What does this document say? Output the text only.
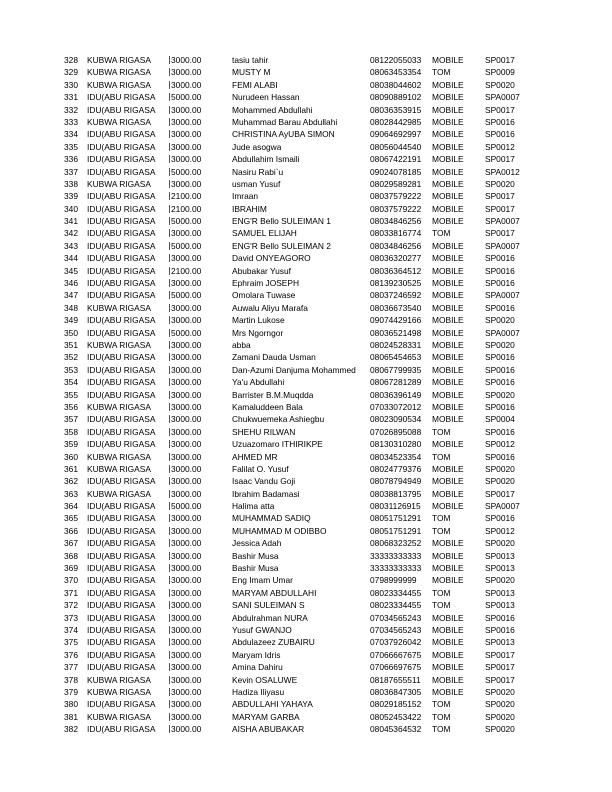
328 KUBWA RIGASA	3000.00	tasiu tahir	08122055033	MOBILE	SP0017
329 KUBWA RIGASA	3000.00	MUSTY M	08063453354	TOM	SP0009
330 KUBWA RIGASA	3000.00	FEMI ALABI	08038044602	MOBILE	SP0020
331 IDU(ABU RIGASA	5000.00	Nurudeen Hassan	08090889102	MOBILE	SPA0007
332 IDU(ABU RIGASA	3000.00	Mohammed Abdullahi	08036353915	MOBILE	SP0017
333 KUBWA RIGASA	3000.00	Muhammad Barau Abdullahi	08028442985	MOBILE	SP0016
334 IDU(ABU RIGASA	3000.00	CHRISTINA AyUBA SIMON	09064692997	MOBILE	SP0016
335 IDU(ABU RIGASA	3000.00	Jude asogwa	08056044540	MOBILE	SP0012
336 IDU(ABU RIGASA	3000.00	Abdullahim Ismaili	08067422191	MOBILE	SP0017
337 IDU(ABU RIGASA	5000.00	Nasiru Rabi`u	09024078185	MOBILE	SPA0012
338 KUBWA RIGASA	3000.00	usman Yusuf	08029589281	MOBILE	SP0020
339 IDU(ABU RIGASA	2100.00	Imraan	08037579222	MOBILE	SP0017
340 IDU(ABU RIGASA	2100.00	IBRAHIM	08037579222	MOBILE	SP0017
341 IDU(ABU RIGASA	5000.00	ENG'R Bello SULEIMAN 1	08034846256	MOBILE	SPA0007
342 IDU(ABU RIGASA	3000.00	SAMUEL ELIJAH	08033816774	TOM	SP0017
343 IDU(ABU RIGASA	5000.00	ENG'R Bello SULEIMAN 2	08034846256	MOBILE	SPA0007
344 IDU(ABU RIGASA	3000.00	David ONYEAGORO	08036320277	MOBILE	SP0016
345 IDU(ABU RIGASA	2100.00	Abubakar Yusuf	08036364512	MOBILE	SP0016
346 IDU(ABU RIGASA	3000.00	Ephraim JOSEPH	08139230525	MOBILE	SP0016
347 IDU(ABU RIGASA	5000.00	Omolara Tuwase	08037246592	MOBILE	SPA0007
348 KUBWA RIGASA	3000.00	Auwalu Aliyu Marafa	08036673540	MOBILE	SP0016
349 IDU(ABU RIGASA	3000.00	Martin Lukose	09074429166	MOBILE	SP0020
350 IDU(ABU RIGASA	5000.00	Mrs Ngorngor	08036521498	MOBILE	SPA0007
351 KUBWA RIGASA	3000.00	abba	08024528331	MOBILE	SP0020
352 IDU(ABU RIGASA	3000.00	Zamani Dauda Usman	08065454653	MOBILE	SP0016
353 IDU(ABU RIGASA	3000.00	Dan-Azumi Danjuma Mohammed	08067799935	MOBILE	SP0016
354 IDU(ABU RIGASA	3000.00	Ya'u Abdullahi	08067281289	MOBILE	SP0016
355 IDU(ABU RIGASA	3000.00	Barrister B.M.Muqdda	08036396149	MOBILE	SP0020
356 KUBWA RIGASA	3000.00	Kamaluddeen Bala	07033072012	MOBILE	SP0016
357 IDU(ABU RIGASA	3000.00	Chukwuemeka Ashiegbu	08023090534	MOBILE	SP0004
358 IDU(ABU RIGASA	3000.00	SHEHU RILWAN	07026895088	TOM	SP0016
359 IDU(ABU RIGASA	3000.00	Uzuazomaro ITHIRIKPE	08130310280	MOBILE	SP0012
360 KUBWA RIGASA	3000.00	AHMED MR	08034523354	TOM	SP0016
361 KUBWA RIGASA	3000.00	Falilat O. Yusuf	08024779376	MOBILE	SP0020
362 IDU(ABU RIGASA	3000.00	Isaac Vandu Goji	08078794949	MOBILE	SP0020
363 KUBWA RIGASA	3000.00	Ibrahim Badamasi	08038813795	MOBILE	SP0017
364 IDU(ABU RIGASA	5000.00	Halima atta	08031126915	MOBILE	SPA0007
365 IDU(ABU RIGASA	3000.00	MUHAMMAD SADIQ	08051751291	TOM	SP0016
366 IDU(ABU RIGASA	3000.00	MUHAMMAD M ODIBBO	08051751291	TOM	SP0012
367 IDU(ABU RIGASA	3000.00	Jessica Adah	08068323252	MOBILE	SP0020
368 IDU(ABU RIGASA	3000.00	Bashir Musa	33333333333	MOBILE	SP0013
369 IDU(ABU RIGASA	3000.00	Bashir Musa	33333333333	MOBILE	SP0013
370 IDU(ABU RIGASA	3000.00	Eng Imam Umar	0798999999	MOBILE	SP0020
371 IDU(ABU RIGASA	3000.00	MARYAM ABDULLAHI	08023334455	TOM	SP0013
372 IDU(ABU RIGASA	3000.00	SANI SULEIMAN S	08023334455	TOM	SP0013
373 IDU(ABU RIGASA	3000.00	Abdulrahman NURA	07034565243	MOBILE	SP0016
374 IDU(ABU RIGASA	3000.00	Yusuf GWANJO	07034565243	MOBILE	SP0016
375 IDU(ABU RIGASA	3000.00	Abdulazeez ZUBAIRU	07037926042	MOBILE	SP0013
376 IDU(ABU RIGASA	3000.00	Maryam Idris	07066667675	MOBILE	SP0017
377 IDU(ABU RIGASA	3000.00	Amina Dahiru	07066697675	MOBILE	SP0017
378 KUBWA RIGASA	3000.00	Kevin OSALUWE	08187655511	MOBILE	SP0017
379 KUBWA RIGASA	3000.00	Hadiza Iliyasu	08036847305	MOBILE	SP0020
380 IDU(ABU RIGASA	3000.00	ABDULLAHI YAHAYA	08029185152	TOM	SP0020
381 KUBWA RIGASA	3000.00	MARYAM GARBA	08052453422	TOM	SP0020
382 IDU(ABU RIGASA	3000.00	AISHA ABUBAKAR	08045364532	TOM	SP0020
